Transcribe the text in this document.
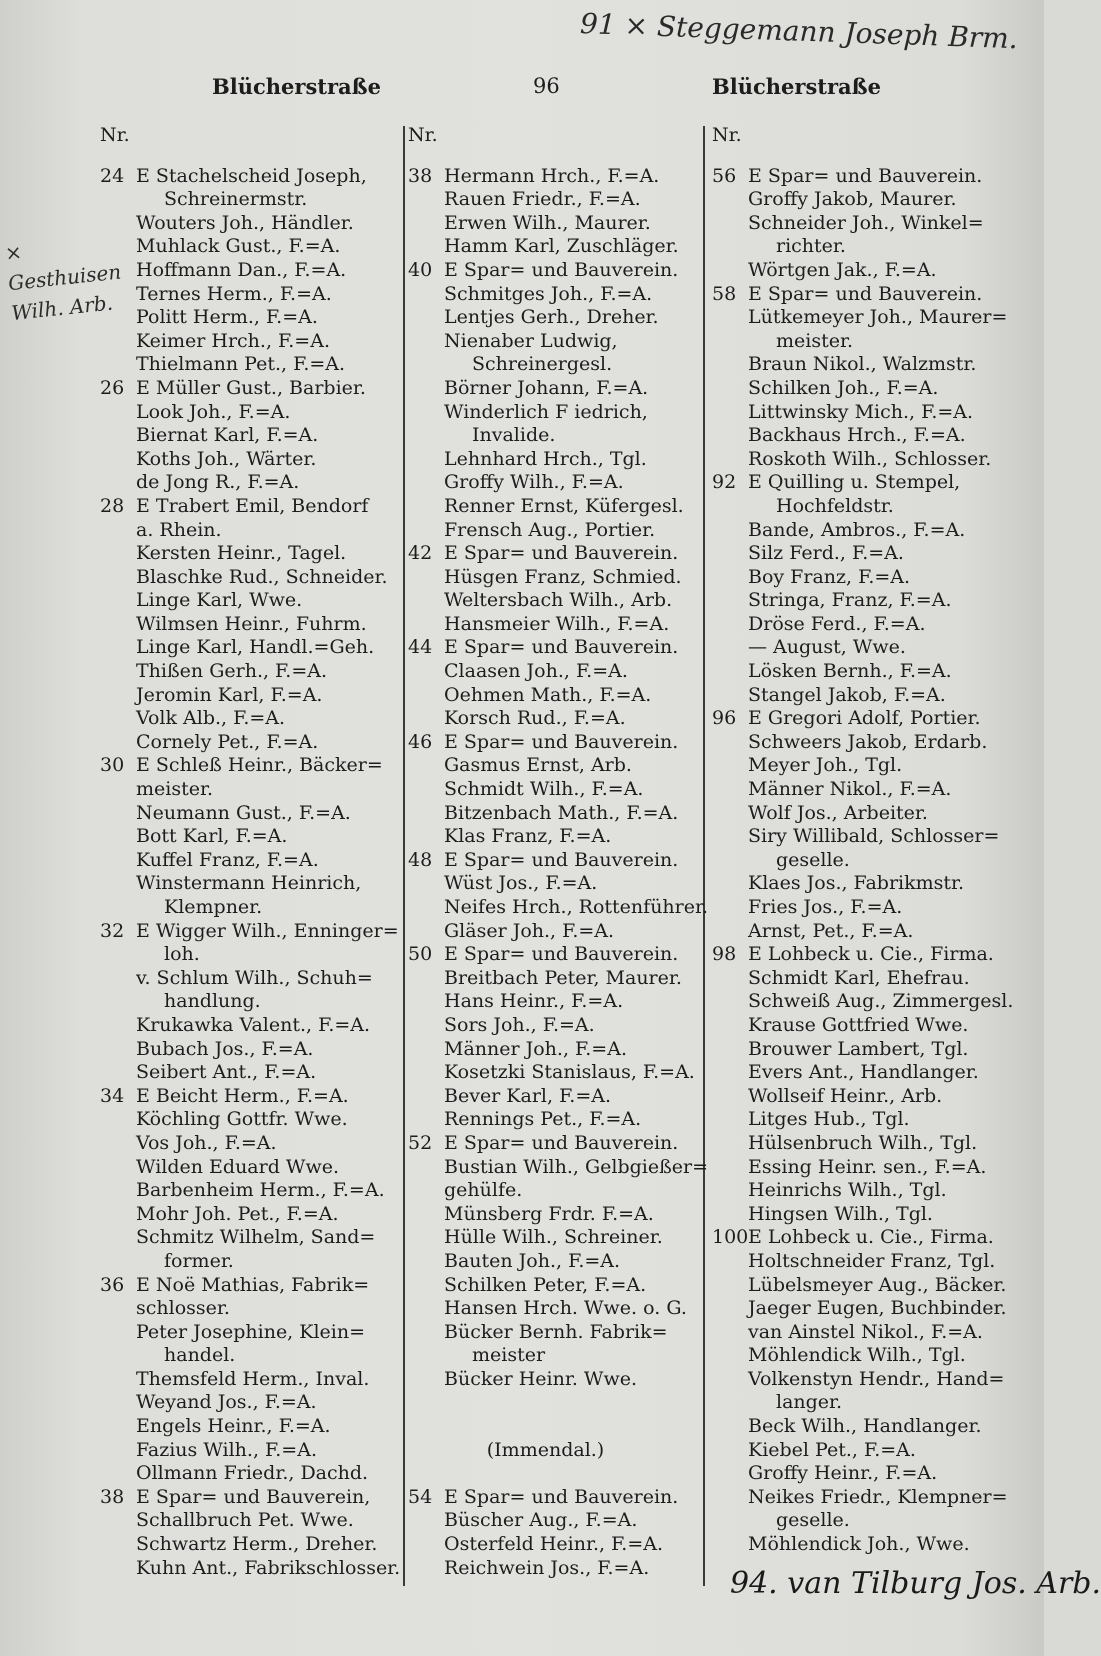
91 × Steggemann Joseph Brm.
× Gesthuisen Wilh. Arb.
Blücherstraße	96	Blücherstraße
Nr.
24 E Stachelscheid Joseph,
Schreinermstr.
Wouters Joh., Händler.
Muhlack Gust., F.=A.
Hoffmann Dan., F.=A.
Ternes Herm., F.=A.
Politt Herm., F.=A.
Keimer Hrch., F.=A.
Thielmann Pet., F.=A.
26 E Müller Gust., Barbier.
Look Joh., F.=A.
Biernat Karl, F.=A.
Koths Joh., Wärter.
de Jong R., F.=A.
28 E Trabert Emil, Bendorf
a. Rhein.
Kersten Heinr., Tagel.
Blaschke Rud., Schneider.
Linge Karl, Wwe.
Wilmsen Heinr., Fuhrm.
Linge Karl, Handl.=Geh.
Thißen Gerh., F.=A.
Jeromin Karl, F.=A.
Volk Alb., F.=A.
Cornely Pet., F.=A.
30 E Schleß Heinr., Bäcker=
meister.
Neumann Gust., F.=A.
Bott Karl, F.=A.
Kuffel Franz, F.=A.
Winstermann Heinrich,
Klempner.
32 E Wigger Wilh., Enninger=
loh.
v. Schlum Wilh., Schuh=
handlung.
Krukawka Valent., F.=A.
Bubach Jos., F.=A.
Seibert Ant., F.=A.
34 E Beicht Herm., F.=A.
Köchling Gottfr. Wwe.
Vos Joh., F.=A.
Wilden Eduard Wwe.
Barbenheim Herm., F.=A.
Mohr Joh. Pet., F.=A.
Schmitz Wilhelm, Sand=
former.
36 E Noë Mathias, Fabrik=
schlosser.
Peter Josephine, Klein=
handel.
Themsfeld Herm., Inval.
Weyand Jos., F.=A.
Engels Heinr., F.=A.
Fazius Wilh., F.=A.
Ollmann Friedr., Dachd.
38 E Spar= und Bauverein,
Schallbruch Pet. Wwe.
Schwartz Herm., Dreher.
Kuhn Ant., Fabrikschlosser.
Nr.
38 Hermann Hrch., F.=A.
Rauen Friedr., F.=A.
Erwen Wilh., Maurer.
Hamm Karl, Zuschläger.
40 E Spar= und Bauverein.
Schmitges Joh., F.=A.
Lentjes Gerh., Dreher.
Nienaber Ludwig,
Schreinergesl.
Börner Johann, F.=A.
Winderlich F iedrich,
Invalide.
Lehnhard Hrch., Tgl.
Groffy Wilh., F.=A.
Renner Ernst, Küfergesl.
Frensch Aug., Portier.
42 E Spar= und Bauverein.
Hüsgen Franz, Schmied.
Weltersbach Wilh., Arb.
Hansmeier Wilh., F.=A.
44 E Spar= und Bauverein.
Claasen Joh., F.=A.
Oehmen Math., F.=A.
Korsch Rud., F.=A.
46 E Spar= und Bauverein.
Gasmus Ernst, Arb.
Schmidt Wilh., F.=A.
Bitzenbach Math., F.=A.
Klas Franz, F.=A.
48 E Spar= und Bauverein.
Wüst Jos., F.=A.
Neifes Hrch., Rottenführer.
Gläser Joh., F.=A.
50 E Spar= und Bauverein.
Breitbach Peter, Maurer.
Hans Heinr., F.=A.
Sors Joh., F.=A.
Männer Joh., F.=A.
Kosetzki Stanislaus, F.=A.
Bever Karl, F.=A.
Rennings Pet., F.=A.
52 E Spar= und Bauverein.
Bustian Wilh., Gelbgießer=
gehülfe.
Münsberg Frdr. F.=A.
Hülle Wilh., Schreiner.
Bauten Joh., F.=A.
Schilken Peter, F.=A.
Hansen Hrch. Wwe. o. G.
Bücker Bernh. Fabrik=
meister
Bücker Heinr. Wwe.
(Immendal.)
54 E Spar= und Bauverein.
Büscher Aug., F.=A.
Osterfeld Heinr., F.=A.
Reichwein Jos., F.=A.
Nr.
56 E Spar= und Bauverein.
Groffy Jakob, Maurer.
Schneider Joh., Winkel=
richter.
Wörtgen Jak., F.=A.
58 E Spar= und Bauverein.
Lütkemeyer Joh., Maurer=
meister.
Braun Nikol., Walzmstr.
Schilken Joh., F.=A.
Littwinsky Mich., F.=A.
Backhaus Hrch., F.=A.
Roskoth Wilh., Schlosser.
92 E Quilling u. Stempel,
Hochfeldstr.
Bande, Ambros., F.=A.
Silz Ferd., F.=A.
Boy Franz, F.=A.
Stringa, Franz, F.=A.
Dröse Ferd., F.=A.
— August, Wwe.
Lösken Bernh., F.=A.
Stangel Jakob, F.=A.
96 E Gregori Adolf, Portier.
Schweers Jakob, Erdarb.
Meyer Joh., Tgl.
Männer Nikol., F.=A.
Wolf Jos., Arbeiter.
Siry Willibald, Schlosser=
geselle.
Klaes Jos., Fabrikmstr.
Fries Jos., F.=A.
Arnst, Pet., F.=A.
98 E Lohbeck u. Cie., Firma.
Schmidt Karl, Ehefrau.
Schweiß Aug., Zimmergesl.
Krause Gottfried Wwe.
Brouwer Lambert, Tgl.
Evers Ant., Handlanger.
Wollseif Heinr., Arb.
Litges Hub., Tgl.
Hülsenbruch Wilh., Tgl.
Essing Heinr. sen., F.=A.
Heinrichs Wilh., Tgl.
Hingsen Wilh., Tgl.
100E Lohbeck u. Cie., Firma.
Holtschneider Franz, Tgl.
Lübelsmeyer Aug., Bäcker.
Jaeger Eugen, Buchbinder.
van Ainstel Nikol., F.=A.
Möhlendick Wilh., Tgl.
Volkenstyn Hendr., Hand=
langer.
Beck Wilh., Handlanger.
Kiebel Pet., F.=A.
Groffy Heinr., F.=A.
Neikes Friedr., Klempner=
geselle.
Möhlendick Joh., Wwe.
94. van Tilburg Jos. Arb.
